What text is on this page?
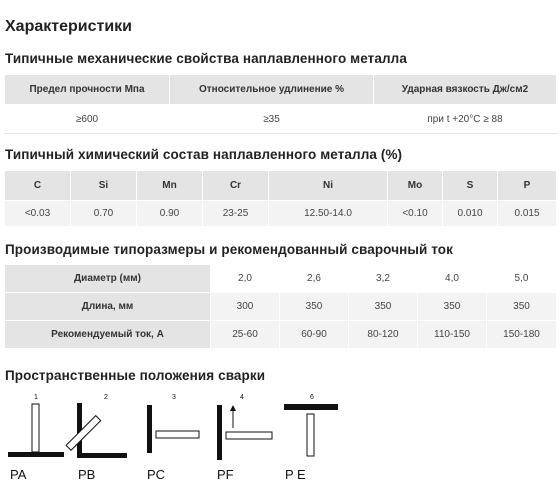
Характеристики
Типичные механические свойства наплавленного металла
Предел прочности Мпа	Относительное удлинение %	Ударная вязкость Дж/см2
≥600	≥35	при t +20°С ≥ 88
Типичный химический состав наплавленного металла (%)
C	Si	Mn	Cr	Ni	Mo	S	P
<0.03	0.70	0.90	23-25	12.50-14.0	<0.10	0.010	0.015
Производимые типоразмеры и рекомендованный сварочный ток
Диаметр (мм)	2,0	2,6	3,2	4,0	5,0
Длина, мм	300	350	350	350	350
Рекомендуемый ток, А	25-60	60-90	80-120	110-150	150-180
Пространственные положения сварки
1
PA
2
PB
3
PC
4
PF
6
P E
